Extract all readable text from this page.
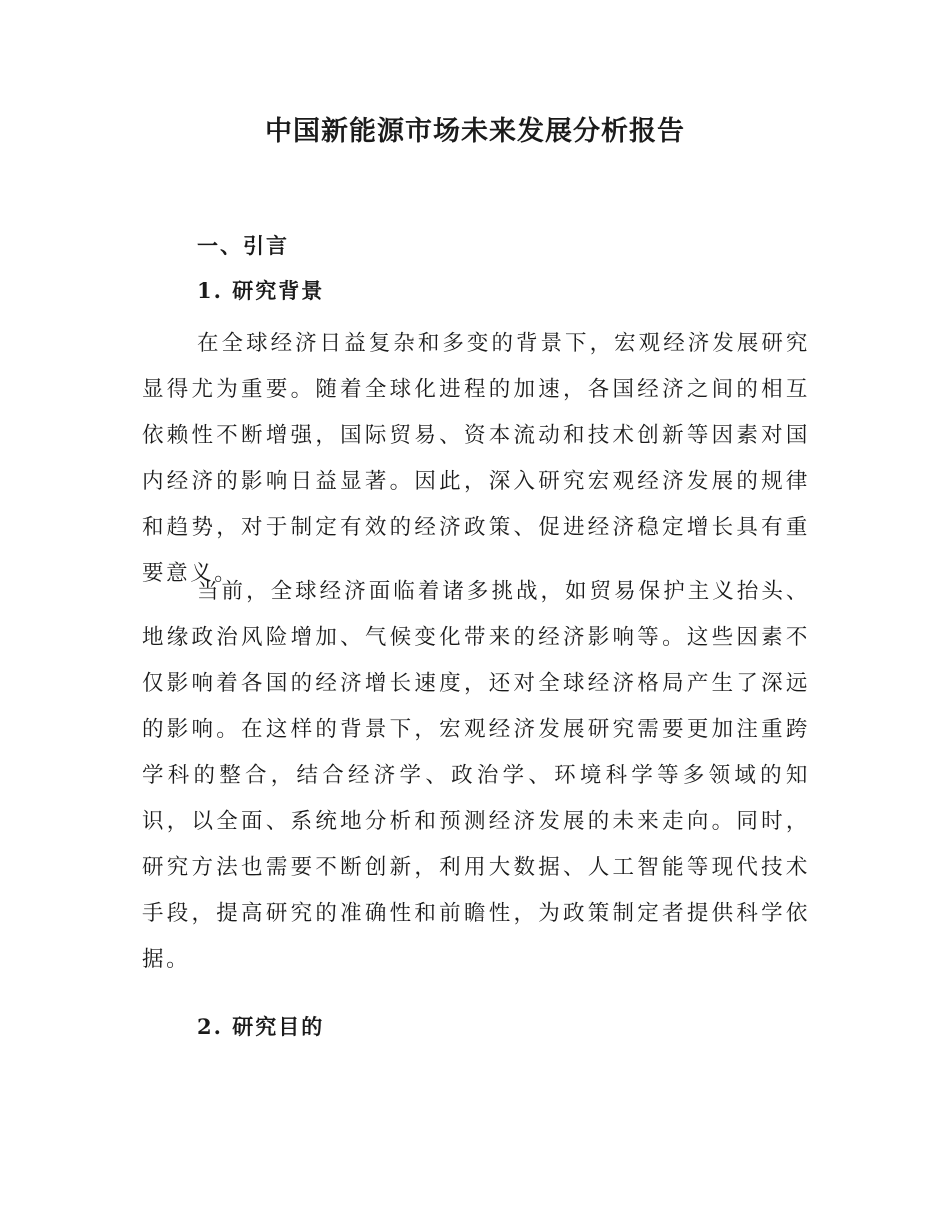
中国新能源市场未来发展分析报告
一、引言
1. 研究背景

在全球经济日益复杂和多变的背景下，宏观经济发展研究显得尤为重要。随着全球化进程的加速，各国经济之间的相互依赖性不断增强，国际贸易、资本流动和技术创新等因素对国内经济的影响日益显著。因此，深入研究宏观经济发展的规律和趋势，对于制定有效的经济政策、促进经济稳定增长具有重要意义。

当前，全球经济面临着诸多挑战，如贸易保护主义抬头、地缘政治风险增加、气候变化带来的经济影响等。这些因素不仅影响着各国的经济增长速度，还对全球经济格局产生了深远的影响。在这样的背景下，宏观经济发展研究需要更加注重跨学科的整合，结合经济学、政治学、环境科学等多领域的知识，以全面、系统地分析和预测经济发展的未来走向。同时，研究方法也需要不断创新，利用大数据、人工智能等现代技术手段，提高研究的准确性和前瞻性，为政策制定者提供科学依据。

2. 研究目的
